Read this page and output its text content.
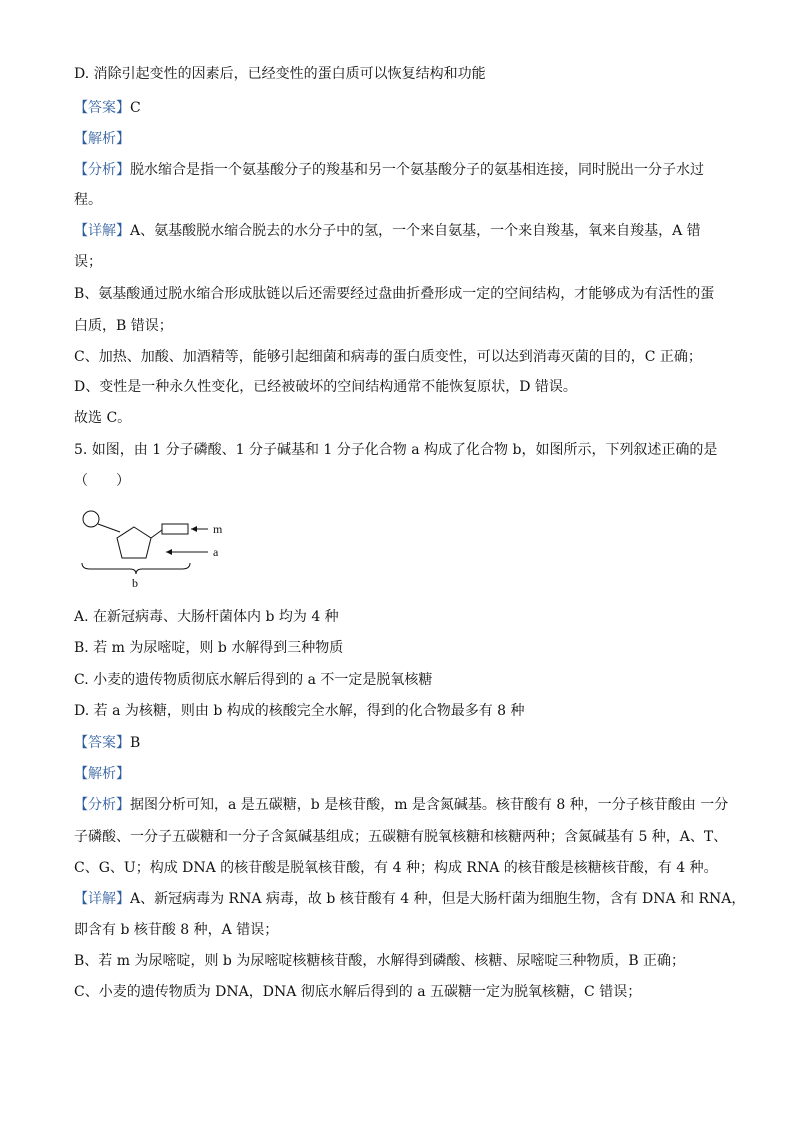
D. 消除引起变性的因素后，已经变性的蛋白质可以恢复结构和功能
【答案】C
【解析】
【分析】脱水缩合是指一个氨基酸分子的羧基和另一个氨基酸分子的氨基相连接，同时脱出一分子水过
程。
【详解】A、氨基酸脱水缩合脱去的水分子中的氢，一个来自氨基，一个来自羧基，氧来自羧基，A 错
误；
B、氨基酸通过脱水缩合形成肽链以后还需要经过盘曲折叠形成一定的空间结构，才能够成为有活性的蛋
白质，B 错误；
C、加热、加酸、加酒精等，能够引起细菌和病毒的蛋白质变性，可以达到消毒灭菌的目的，C 正确；
D、变性是一种永久性变化，已经被破坏的空间结构通常不能恢复原状，D 错误。
故选 C。
5. 如图，由 1 分子磷酸、1 分子碱基和 1 分子化合物 a 构成了化合物 b，如图所示，下列叙述正确的是
（　　）
m
a
b
A. 在新冠病毒、大肠杆菌体内 b 均为 4 种
B. 若 m 为尿嘧啶，则 b 水解得到三种物质
C. 小麦的遗传物质彻底水解后得到的 a 不一定是脱氧核糖
D. 若 a 为核糖，则由 b 构成的核酸完全水解，得到的化合物最多有 8 种
【答案】B
【解析】
【分析】据图分析可知，a 是五碳糖，b 是核苷酸，m 是含氮碱基。核苷酸有 8 种，一分子核苷酸由 一分
子磷酸、一分子五碳糖和一分子含氮碱基组成；五碳糖有脱氧核糖和核糖两种；含氮碱基有 5 种，A、T、
C、G、U；构成 DNA 的核苷酸是脱氧核苷酸，有 4 种；构成 RNA 的核苷酸是核糖核苷酸，有 4 种。
【详解】A、新冠病毒为 RNA 病毒，故 b 核苷酸有 4 种，但是大肠杆菌为细胞生物，含有 DNA 和 RNA，
即含有 b 核苷酸 8 种，A 错误；
B、若 m 为尿嘧啶，则 b 为尿嘧啶核糖核苷酸，水解得到磷酸、核糖、尿嘧啶三种物质，B 正确；
C、小麦的遗传物质为 DNA，DNA 彻底水解后得到的 a 五碳糖一定为脱氧核糖，C 错误；
